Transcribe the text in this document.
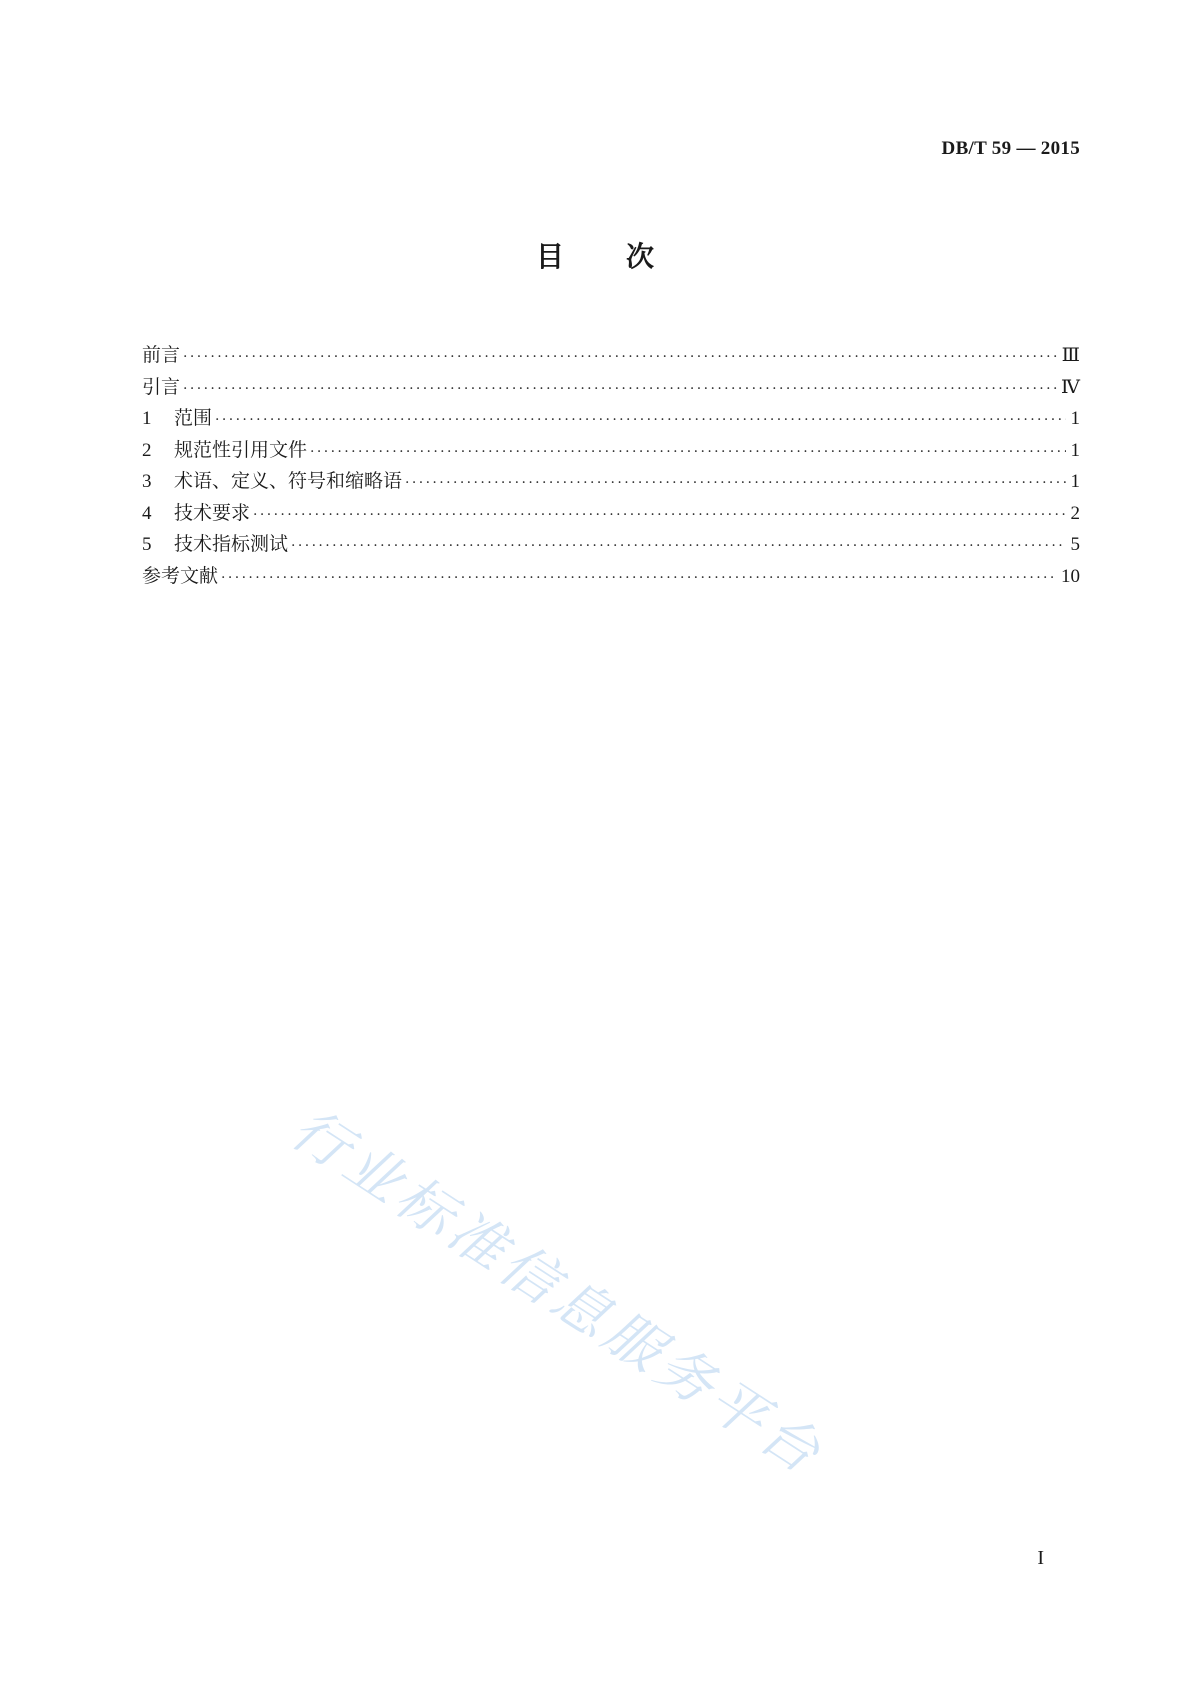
DB/T 59 — 2015
目 次
前言 ·····	Ⅲ
引言 ·····	Ⅳ
1	范围 ·····	1
2	规范性引用文件 ·····	1
3	术语、定义、符号和缩略语 ·····	1
4	技术要求 ·····	2
5	技术指标测试 ·····	5
参考文献 ·····	10
行业标准信息服务平台
I
